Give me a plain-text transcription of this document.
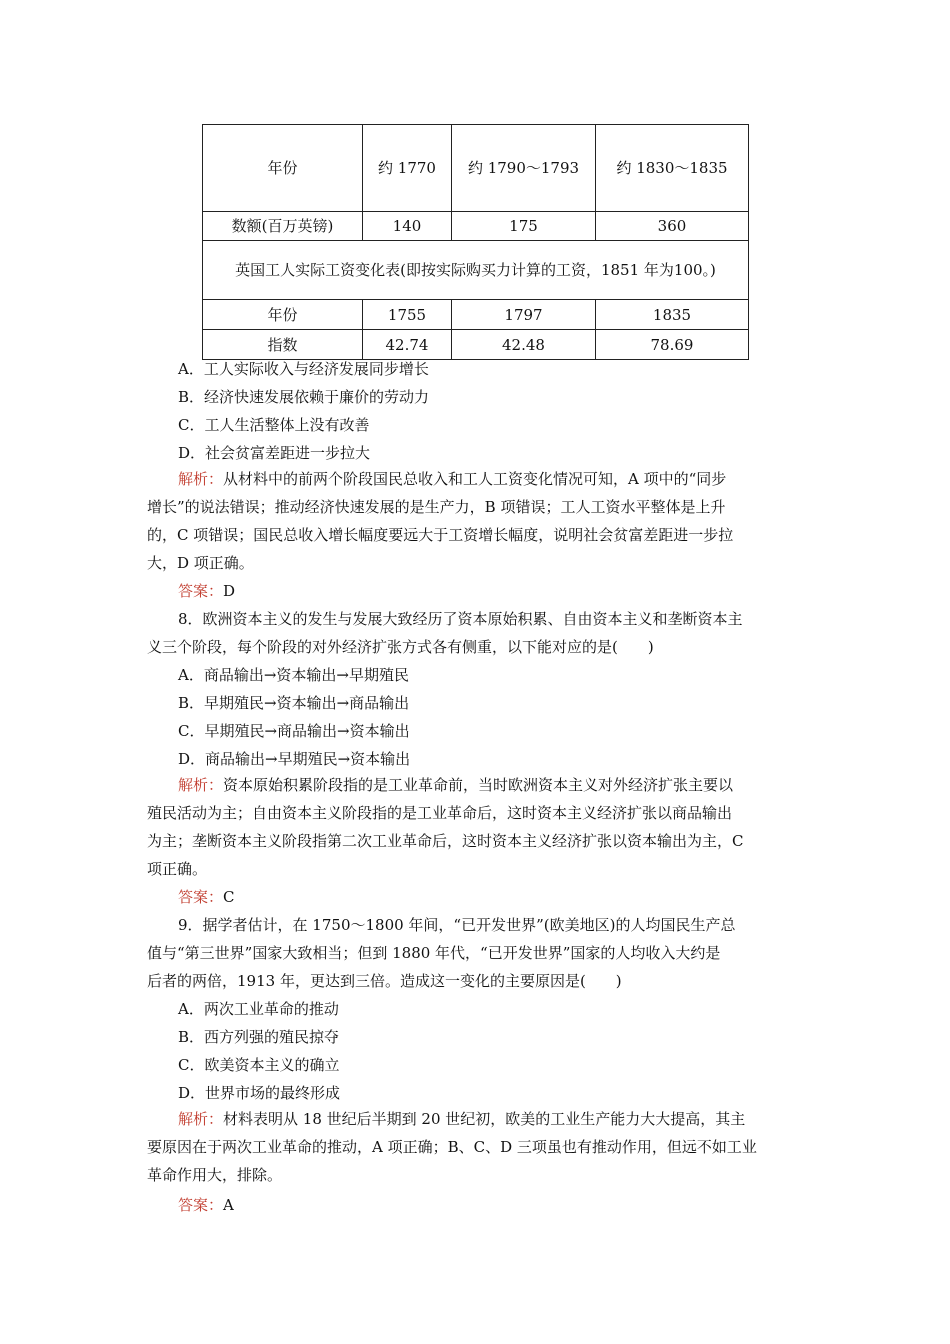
年份	约 1770	约 1790～1793	约 1830～1835
数额(百万英镑)	140	175	360
英国工人实际工资变化表(即按实际购买力计算的工资，1851 年为100。)			
年份	1755	1797	1835
指数	42.74	42.48	78.69
A．工人实际收入与经济发展同步增长
B．经济快速发展依赖于廉价的劳动力
C．工人生活整体上没有改善
D．社会贫富差距进一步拉大
解析：从材料中的前两个阶段国民总收入和工人工资变化情况可知，A 项中的“同步
增长”的说法错误；推动经济快速发展的是生产力，B 项错误；工人工资水平整体是上升
的，C 项错误；国民总收入增长幅度要远大于工资增长幅度，说明社会贫富差距进一步拉
大，D 项正确。
答案：D
8．欧洲资本主义的发生与发展大致经历了资本原始积累、自由资本主义和垄断资本主
义三个阶段，每个阶段的对外经济扩张方式各有侧重，以下能对应的是(　　)
A．商品输出→资本输出→早期殖民
B．早期殖民→资本输出→商品输出
C．早期殖民→商品输出→资本输出
D．商品输出→早期殖民→资本输出
解析：资本原始积累阶段指的是工业革命前，当时欧洲资本主义对外经济扩张主要以
殖民活动为主；自由资本主义阶段指的是工业革命后，这时资本主义经济扩张以商品输出
为主；垄断资本主义阶段指第二次工业革命后，这时资本主义经济扩张以资本输出为主，C
项正确。
答案：C
9．据学者估计，在 1750～1800 年间，“已开发世界”(欧美地区)的人均国民生产总
值与“第三世界”国家大致相当；但到 1880 年代，“已开发世界”国家的人均收入大约是
后者的两倍，1913 年，更达到三倍。造成这一变化的主要原因是(　　)
A．两次工业革命的推动
B．西方列强的殖民掠夺
C．欧美资本主义的确立
D．世界市场的最终形成
解析：材料表明从 18 世纪后半期到 20 世纪初，欧美的工业生产能力大大提高，其主
要原因在于两次工业革命的推动，A 项正确；B、C、D 三项虽也有推动作用，但远不如工业
革命作用大，排除。
答案：A
